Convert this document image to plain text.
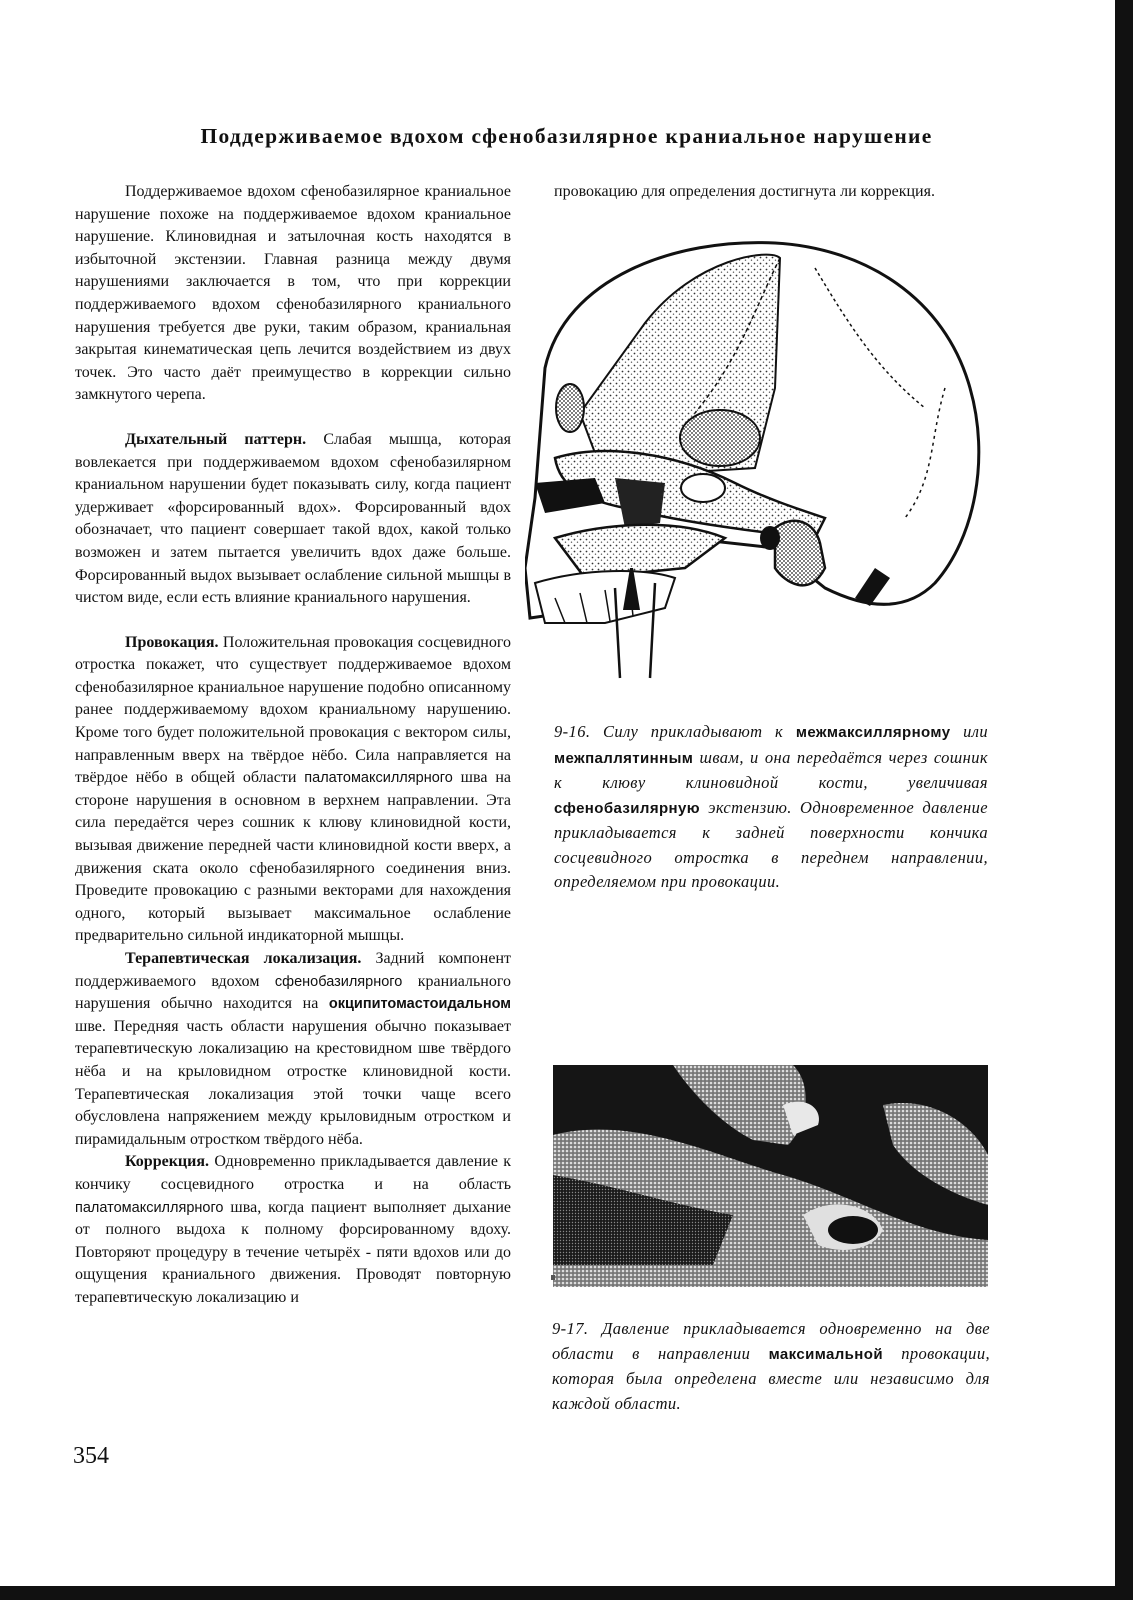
Поддерживаемое вдохом сфенобазилярное краниальное нарушение

Поддерживаемое вдохом сфенобазилярное краниальное нарушение похоже на поддерживаемое вдохом краниальное нарушение. Клиновидная и затылочная кость находятся в избыточной экстензии. Главная разница между двумя нарушениями заключается в том, что при коррекции поддерживаемого вдохом сфенобазилярного краниального нарушения требуется две руки, таким образом, краниальная закрытая кинематическая цепь лечится воздействием из двух точек. Это часто даёт преимущество в коррекции сильно замкнутого черепа.

Дыхательный паттерн. Слабая мышца, которая вовлекается при поддерживаемом вдохом сфенобазилярном краниальном нарушении будет показывать силу, когда пациент удерживает «форсированный вдох». Форсированный вдох обозначает, что пациент совершает такой вдох, какой только возможен и затем пытается увеличить вдох даже больше. Форсированный выдох вызывает ослабление сильной мышцы в чистом виде, если есть влияние краниального нарушения.

Провокация. Положительная провокация сосцевидного отростка покажет, что существует поддерживаемое вдохом сфенобазилярное краниальное нарушение подобно описанному ранее поддерживаемому вдохом краниальному нарушению. Кроме того будет положительной провокация с вектором силы, направленным вверх на твёрдое нёбо. Сила направляется на твёрдое нёбо в общей области палатомаксиллярного шва на стороне нарушения в основном в верхнем направлении. Эта сила передаётся через сошник к клюву клиновидной кости, вызывая движение передней части клиновидной кости вверх, а движения ската около сфенобазилярного соединения вниз. Проведите провокацию с разными векторами для нахождения одного, который вызывает максимальное ослабление предварительно сильной индикаторной мышцы.

Терапевтическая локализация. Задний компонент поддерживаемого вдохом сфенобазилярного краниального нарушения обычно находится на окципитомастоидальном шве. Передняя часть области нарушения обычно показывает терапевтическую локализацию на крестовидном шве твёрдого нёба и на крыловидном отростке клиновидной кости. Терапевтическая локализация этой точки чаще всего обусловлена напряжением между крыловидным отростком и пирамидальным отростком твёрдого нёба.

Коррекция. Одновременно прикладывается давление к кончику сосцевидного отростка и на область палатомаксиллярного шва, когда пациент выполняет дыхание от полного выдоха к полному форсированному вдоху. Повторяют процедуру в течение четырёх - пяти вдохов или до ощущения краниального движения. Проводят повторную терапевтическую локализацию и

провокацию для определения достигнута ли коррекция.

9-16. Силу прикладывают к межмаксиллярному или межпаллятинным швам, и она передаётся через сошник к клюву клиновидной кости, увеличивая сфенобазилярную экстензию. Одновременное давление прикладывается к задней поверхности кончика сосцевидного отростка в переднем направлении, определяемом при провокации.

9-17. Давление прикладывается одновременно на две области в направлении максимальной провокации, которая была определена вместе или независимо для каждой области.

354
